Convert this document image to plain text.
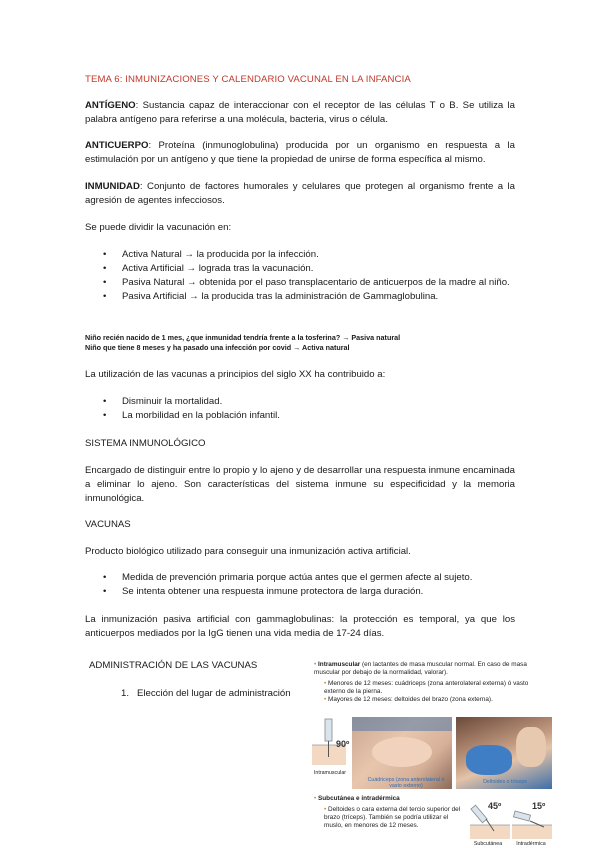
TEMA 6: INMUNIZACIONES Y CALENDARIO VACUNAL EN LA INFANCIA

ANTÍGENO: Sustancia capaz de interaccionar con el receptor de las células T o B. Se utiliza la palabra antígeno para referirse a una molécula, bacteria, virus o célula.

ANTICUERPO: Proteína (inmunoglobulina) producida por un organismo en respuesta a la estimulación por un antígeno y que tiene la propiedad de unirse de forma específica al mismo.

INMUNIDAD: Conjunto de factores humorales y celulares que protegen al organismo frente a la agresión de agentes infecciosos.

Se puede dividir la vacunación en:

• Activa Natural → la producida por la infección.
• Activa Artificial → lograda tras la vacunación.
• Pasiva Natural → obtenida por el paso transplacentario de anticuerpos de la madre al niño.
• Pasiva Artificial → la producida tras la administración de Gammaglobulina.

Niño recién nacido de 1 mes, ¿que inmunidad tendría frente a la tosferina? → Pasiva natural

Niño que tiene 8 meses y ha pasado una infección por covid → Activa natural

La utilización de las vacunas a principios del siglo XX ha contribuido a:

• Disminuir la mortalidad.
• La morbilidad en la población infantil.

SISTEMA INMUNOLÓGICO

Encargado de distinguir entre lo propio y lo ajeno y de desarrollar una respuesta inmune encaminada a eliminar lo ajeno. Son características del sistema inmune su especificidad y la memoria inmunológica.

VACUNAS

Producto biológico utilizado para conseguir una inmunización activa artificial.

• Medida de prevención primaria porque actúa antes que el germen afecte al sujeto.
• Se intenta obtener una respuesta inmune protectora de larga duración.

La inmunización pasiva artificial con gammaglobulinas: la protección es temporal, ya que los anticuerpos mediados por la IgG tienen una vida media de 17-24 días.

ADMINISTRACIÓN DE LAS VACUNAS

1. Elección del lugar de administración

• Intramuscular (en lactantes de masa muscular normal. En caso de masa muscular por debajo de la normalidad, valorar).
• Menores de 12 meses: cuádriceps (zona anterolateral externa) ó vasto externo de la pierna.
• Mayores de 12 meses: deltoides del brazo (zona externa).
90º
Intramuscular
Cuádriceps (zona anterolateral ó vasto externo)
Deltoides o tríceps
• Subcutánea e intradérmica
• Deltoides o cara externa del tercio superior del brazo (tríceps). También se podría utilizar el muslo, en menores de 12 meses.
45º
Subcutánea
15º
Intradérmica
